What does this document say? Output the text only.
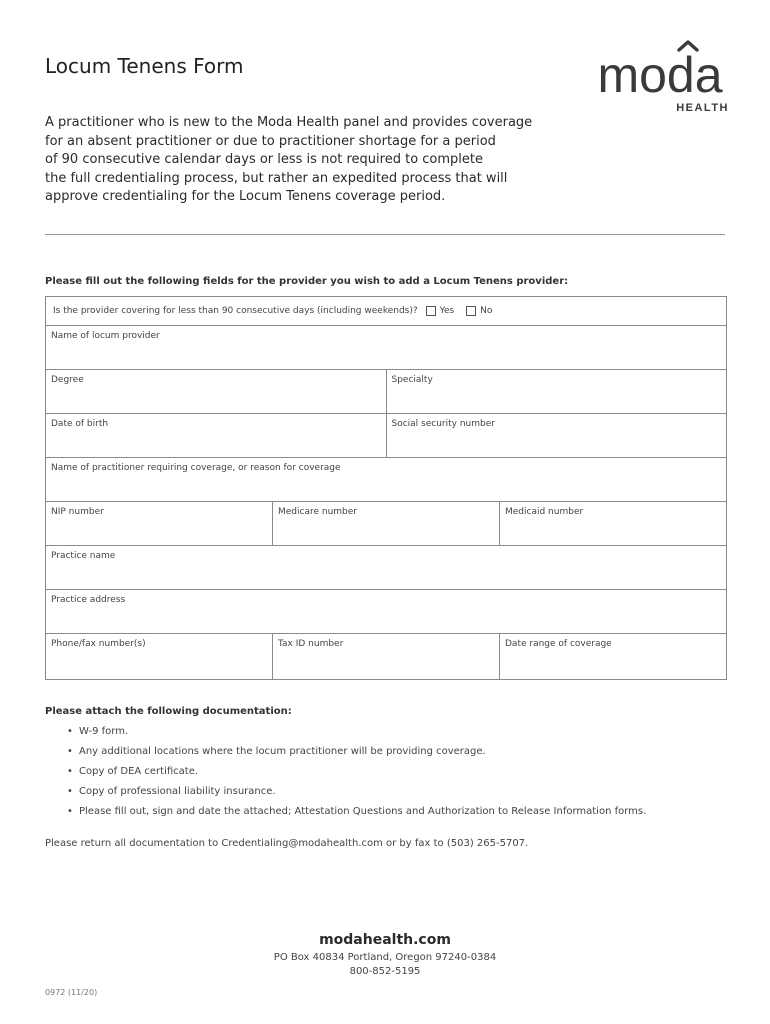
Locum Tenens Form	moda
HEALTH
A practitioner who is new to the Moda Health panel and provides coverage
for an absent practitioner or due to practitioner shortage for a period
of 90 consecutive calendar days or less is not required to complete
the full credentialing process, but rather an expedited process that will
approve credentialing for the Locum Tenens coverage period.
Please fill out the following fields for the provider you wish to add a Locum Tenens provider:
Is the provider covering for less than 90 consecutive days (including weekends)? Yes	No
Name of locum provider
Degree	Specialty
Date of birth	Social security number
Name of practitioner requiring coverage, or reason for coverage
NIP number	Medicare number	Medicaid number
Practice name
Practice address
Phone/fax number(s)	Tax ID number	Date range of coverage
Please attach the following documentation:
• W-9 form.
• Any additional locations where the locum practitioner will be providing coverage.
• Copy of DEA certificate.
• Copy of professional liability insurance.
• Please fill out, sign and date the attached; Attestation Questions and Authorization to Release Information forms.
Please return all documentation to Credentialing@modahealth.com or by fax to (503) 265-5707.
modahealth.com
PO Box 40834 Portland, Oregon 97240-0384
800-852-5195
0972 (11/20)
